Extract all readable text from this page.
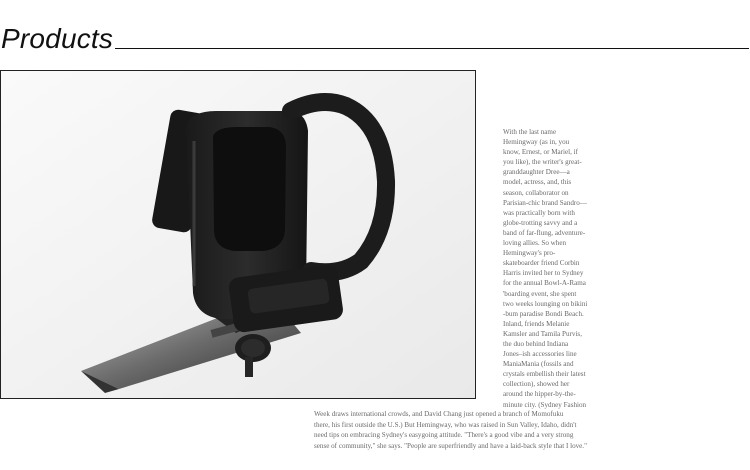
Products

With the last name

Hemingway (as in, you

know, Ernest, or Mariel, if

you like), the writer's great-

granddaughter Dree—a

model, actress, and, this

season, collaborator on

Parisian-chic brand Sandro—

was practically born with

globe-trotting savvy and a

band of far-flung, adventure-

loving allies. So when

Hemingway's pro-

skateboarder friend Corbin

Harris invited her to Sydney

for the annual Bowl-A-Rama

'boarding event, she spent

two weeks lounging on bikini

-bum paradise Bondi Beach.

Inland, friends Melanie

Kamsler and Tamila Purvis,

the duo behind Indiana

Jones–ish accessories line

ManiaMania (fossils and

crystals embellish their latest

collection), showed her

around the hipper-by-the-

minute city. (Sydney Fashion

Week draws international crowds, and David Chang just opened a branch of Momofuku

there, his first outside the U.S.) But Hemingway, who was raised in Sun Valley, Idaho, didn't

need tips on embracing Sydney's easygoing attitude. "There's a good vibe and a very strong

sense of community," she says. "People are superfriendly and have a laid-back style that I love."
